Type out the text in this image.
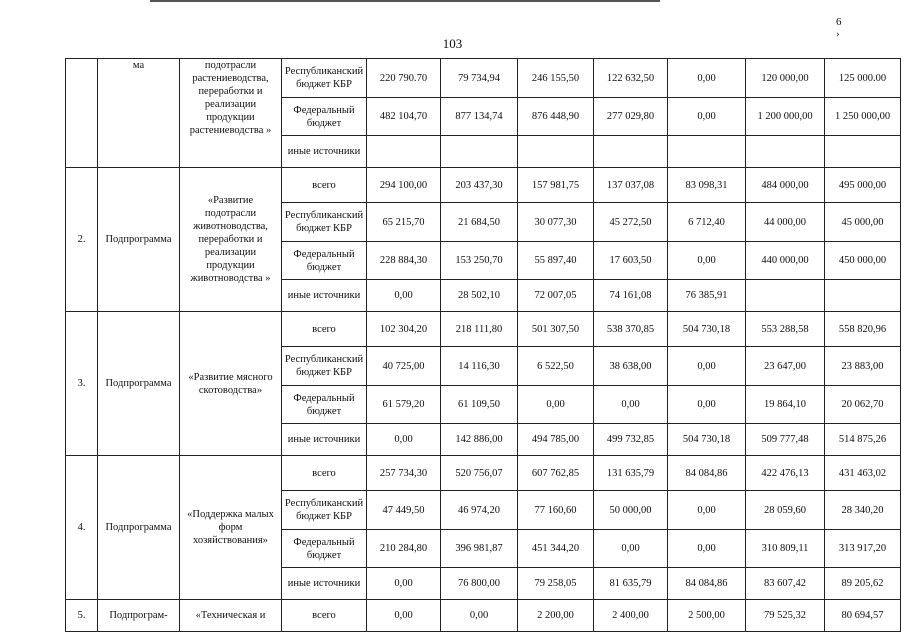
6 ›
103
	ма	подотрасли растениеводства, переработки и реализации продукции растениеводства »	Республиканский бюджет КБР	220 790.70	79 734,94	246 155,50	122 632,50	0,00	120 000,00	125 000.00
			Федеральный бюджет	482 104,70	877 134,74	876 448,90	277 029,80	0,00	1 200 000,00	1 250 000,00
			иные источники							
2.	Подпрограмма	«Развитие подотрасли животноводства, переработки и реализации продукции животноводства »	всего	294 100,00	203 437,30	157 981,75	137 037,08	83 098,31	484 000,00	495 000,00
			Республиканский бюджет КБР	65 215,70	21 684,50	30 077,30	45 272,50	6 712,40	44 000,00	45 000,00
			Федеральный бюджет	228 884,30	153 250,70	55 897,40	17 603,50	0,00	440 000,00	450 000,00
			иные источники	0,00	28 502,10	72 007,05	74 161,08	76 385,91		
3.	Подпрограмма	«Развитие мясного скотоводства»	всего	102 304,20	218 111,80	501 307,50	538 370,85	504 730,18	553 288,58	558 820,96
			Республиканский бюджет КБР	40 725,00	14 116,30	6 522,50	38 638,00	0,00	23 647,00	23 883,00
			Федеральный бюджет	61 579,20	61 109,50	0,00	0,00	0,00	19 864,10	20 062,70
			иные источники	0,00	142 886,00	494 785,00	499 732,85	504 730,18	509 777,48	514 875,26
4.	Подпрограмма	«Поддержка малых форм хозяйствования»	всего	257 734,30	520 756,07	607 762,85	131 635,79	84 084,86	422 476,13	431 463,02
			Республиканский бюджет КБР	47 449,50	46 974,20	77 160,60	50 000,00	0,00	28 059,60	28 340,20
			Федеральный бюджет	210 284,80	396 981,87	451 344,20	0,00	0,00	310 809,11	313 917,20
			иные источники	0,00	76 800,00	79 258,05	81 635,79	84 084,86	83 607,42	89 205,62
5.	Подпрограм-	«Техническая и	всего	0,00	0,00	2 200,00	2 400,00	2 500,00	79 525,32	80 694,57
